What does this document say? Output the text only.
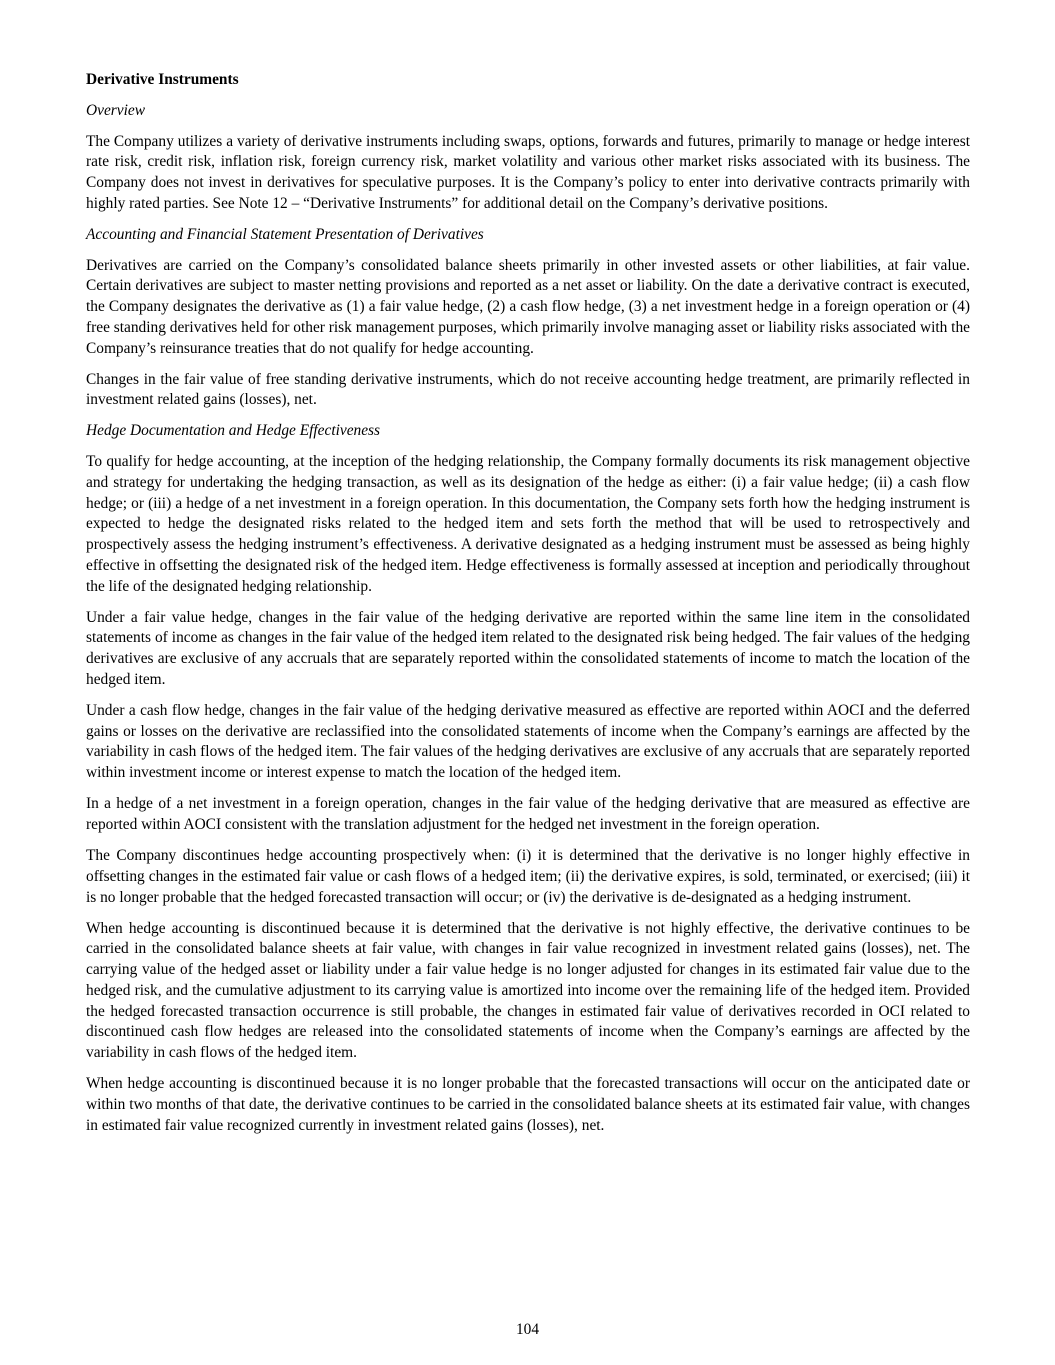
Derivative Instruments
Overview

The Company utilizes a variety of derivative instruments including swaps, options, forwards and futures, primarily to manage or hedge interest rate risk, credit risk, inflation risk, foreign currency risk, market volatility and various other market risks associated with its business. The Company does not invest in derivatives for speculative purposes. It is the Company’s policy to enter into derivative contracts primarily with highly rated parties. See Note 12 – “Derivative Instruments” for additional detail on the Company’s derivative positions.

Accounting and Financial Statement Presentation of Derivatives

Derivatives are carried on the Company’s consolidated balance sheets primarily in other invested assets or other liabilities, at fair value. Certain derivatives are subject to master netting provisions and reported as a net asset or liability. On the date a derivative contract is executed, the Company designates the derivative as (1) a fair value hedge, (2) a cash flow hedge, (3) a net investment hedge in a foreign operation or (4) free standing derivatives held for other risk management purposes, which primarily involve managing asset or liability risks associated with the Company’s reinsurance treaties that do not qualify for hedge accounting.

Changes in the fair value of free standing derivative instruments, which do not receive accounting hedge treatment, are primarily reflected in investment related gains (losses), net.

Hedge Documentation and Hedge Effectiveness

To qualify for hedge accounting, at the inception of the hedging relationship, the Company formally documents its risk management objective and strategy for undertaking the hedging transaction, as well as its designation of the hedge as either: (i) a fair value hedge; (ii) a cash flow hedge; or (iii) a hedge of a net investment in a foreign operation. In this documentation, the Company sets forth how the hedging instrument is expected to hedge the designated risks related to the hedged item and sets forth the method that will be used to retrospectively and prospectively assess the hedging instrument’s effectiveness. A derivative designated as a hedging instrument must be assessed as being highly effective in offsetting the designated risk of the hedged item. Hedge effectiveness is formally assessed at inception and periodically throughout the life of the designated hedging relationship.

Under a fair value hedge, changes in the fair value of the hedging derivative are reported within the same line item in the consolidated statements of income as changes in the fair value of the hedged item related to the designated risk being hedged. The fair values of the hedging derivatives are exclusive of any accruals that are separately reported within the consolidated statements of income to match the location of the hedged item.

Under a cash flow hedge, changes in the fair value of the hedging derivative measured as effective are reported within AOCI and the deferred gains or losses on the derivative are reclassified into the consolidated statements of income when the Company’s earnings are affected by the variability in cash flows of the hedged item. The fair values of the hedging derivatives are exclusive of any accruals that are separately reported within investment income or interest expense to match the location of the hedged item.

In a hedge of a net investment in a foreign operation, changes in the fair value of the hedging derivative that are measured as effective are reported within AOCI consistent with the translation adjustment for the hedged net investment in the foreign operation.

The Company discontinues hedge accounting prospectively when: (i) it is determined that the derivative is no longer highly effective in offsetting changes in the estimated fair value or cash flows of a hedged item; (ii) the derivative expires, is sold, terminated, or exercised; (iii) it is no longer probable that the hedged forecasted transaction will occur; or (iv) the derivative is de-designated as a hedging instrument.

When hedge accounting is discontinued because it is determined that the derivative is not highly effective, the derivative continues to be carried in the consolidated balance sheets at fair value, with changes in fair value recognized in investment related gains (losses), net. The carrying value of the hedged asset or liability under a fair value hedge is no longer adjusted for changes in its estimated fair value due to the hedged risk, and the cumulative adjustment to its carrying value is amortized into income over the remaining life of the hedged item. Provided the hedged forecasted transaction occurrence is still probable, the changes in estimated fair value of derivatives recorded in OCI related to discontinued cash flow hedges are released into the consolidated statements of income when the Company’s earnings are affected by the variability in cash flows of the hedged item.

When hedge accounting is discontinued because it is no longer probable that the forecasted transactions will occur on the anticipated date or within two months of that date, the derivative continues to be carried in the consolidated balance sheets at its estimated fair value, with changes in estimated fair value recognized currently in investment related gains (losses), net.

104
